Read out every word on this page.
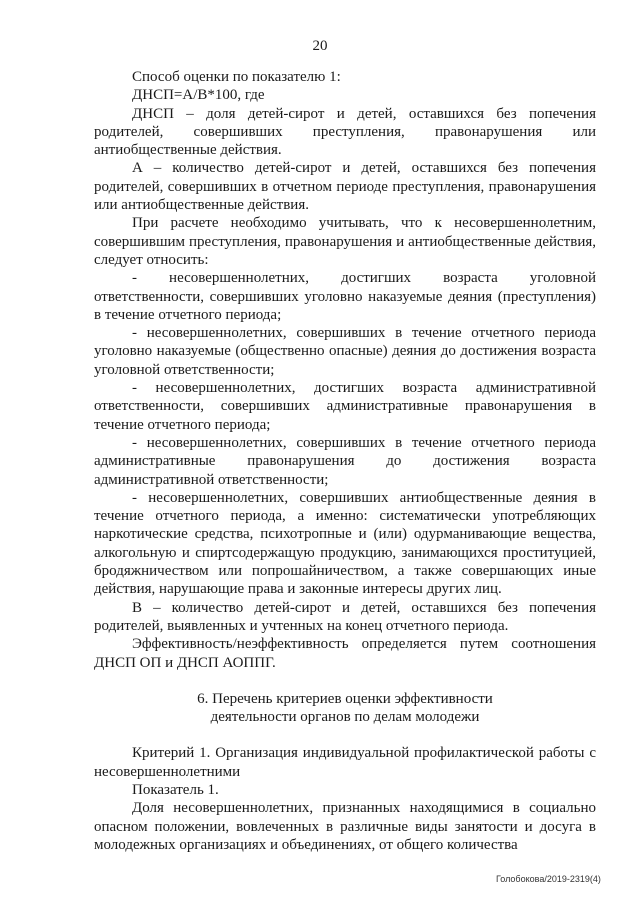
20

Способ оценки по показателю 1:

ДНСП=А/В*100, где

ДНСП – доля детей-сирот и детей, оставшихся без попечения родителей, совершивших преступления, правонарушения или антиобщественные действия.

А – количество детей-сирот и детей, оставшихся без попечения родителей, совершивших в отчетном периоде преступления, правонарушения или антиобщественные действия.

При расчете необходимо учитывать, что к несовершеннолетним, совершившим преступления, правонарушения и антиобщественные действия, следует относить:

- несовершеннолетних, достигших возраста уголовной ответственности, совершивших уголовно наказуемые деяния (преступления) в течение отчетного периода;

- несовершеннолетних, совершивших в течение отчетного периода уголовно наказуемые (общественно опасные) деяния до достижения возраста уголовной ответственности;

- несовершеннолетних, достигших возраста административной ответственности, совершивших административные правонарушения в течение отчетного периода;

- несовершеннолетних, совершивших в течение отчетного периода административные правонарушения до достижения возраста административной ответственности;

- несовершеннолетних, совершивших антиобщественные деяния в течение отчетного периода, а именно: систематически употребляющих наркотические средства, психотропные и (или) одурманивающие вещества, алкогольную и спиртсодержащую продукцию, занимающихся проституцией, бродяжничеством или попрошайничеством, а также совершающих иные действия, нарушающие права и законные интересы других лиц.

В – количество детей-сирот и детей, оставшихся без попечения родителей, выявленных и учтенных на конец отчетного периода.

Эффективность/неэффективность определяется путем соотношения ДНСП ОП и ДНСП АОППГ.

6. Перечень критериев оценки эффективности
деятельности органов по делам молодежи

Критерий 1. Организация индивидуальной профилактической работы с несовершеннолетними

Показатель 1.

Доля несовершеннолетних, признанных находящимися в социально опасном положении, вовлеченных в различные виды занятости и досуга в молодежных организациях и объединениях, от общего количества

Голобокова/2019-2319(4)
